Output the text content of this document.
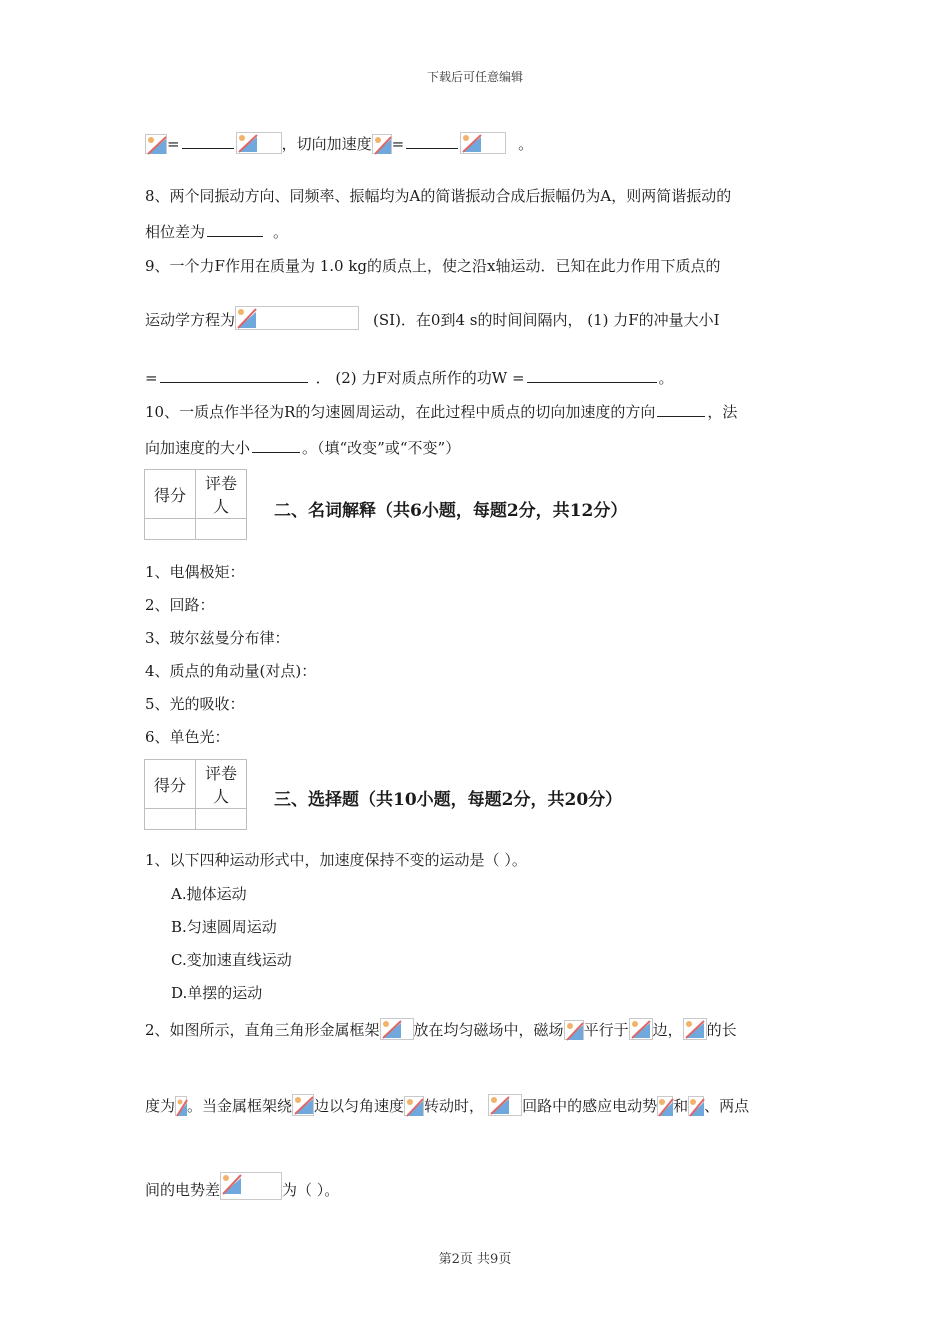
下载后可任意编辑
=	，切向加速度 =	。
8、两个同振动方向、同频率、振幅均为A的简谐振动合成后振幅仍为A，则两简谐振动的
相位差为	。
9、一个力F作用在质量为 1.0 kg的质点上，使之沿x轴运动．已知在此力作用下质点的
运动学方程为	(SI)．在0到4 s的时间间隔内， (1) 力F的冲量大小I
=	． (2) 力F对质点所作的功W =	。
10、一质点作半径为R的匀速圆周运动，在此过程中质点的切向加速度的方向	，法
向加速度的大小	。（填“改变”或“不变”）
得分	评卷人
		二、名词解释（共6小题，每题2分，共12分）
1、电偶极矩：
2、回路：
3、玻尔兹曼分布律：
4、质点的角动量(对点)：
5、光的吸收：
6、单色光：
得分	评卷人
		三、选择题（共10小题，每题2分，共20分）
1、以下四种运动形式中，加速度保持不变的运动是（ ）。
A.抛体运动
B.匀速圆周运动
C.变加速直线运动
D.单摆的运动
2、如图所示，直角三角形金属框架 放在均匀磁场中，磁场 平行于 边， 的长
度为 。当金属框架绕 边以匀角速度 转动时，	回路中的感应电动势 和 、两点
间的电势差	为（ ）。
第2页 共9页
